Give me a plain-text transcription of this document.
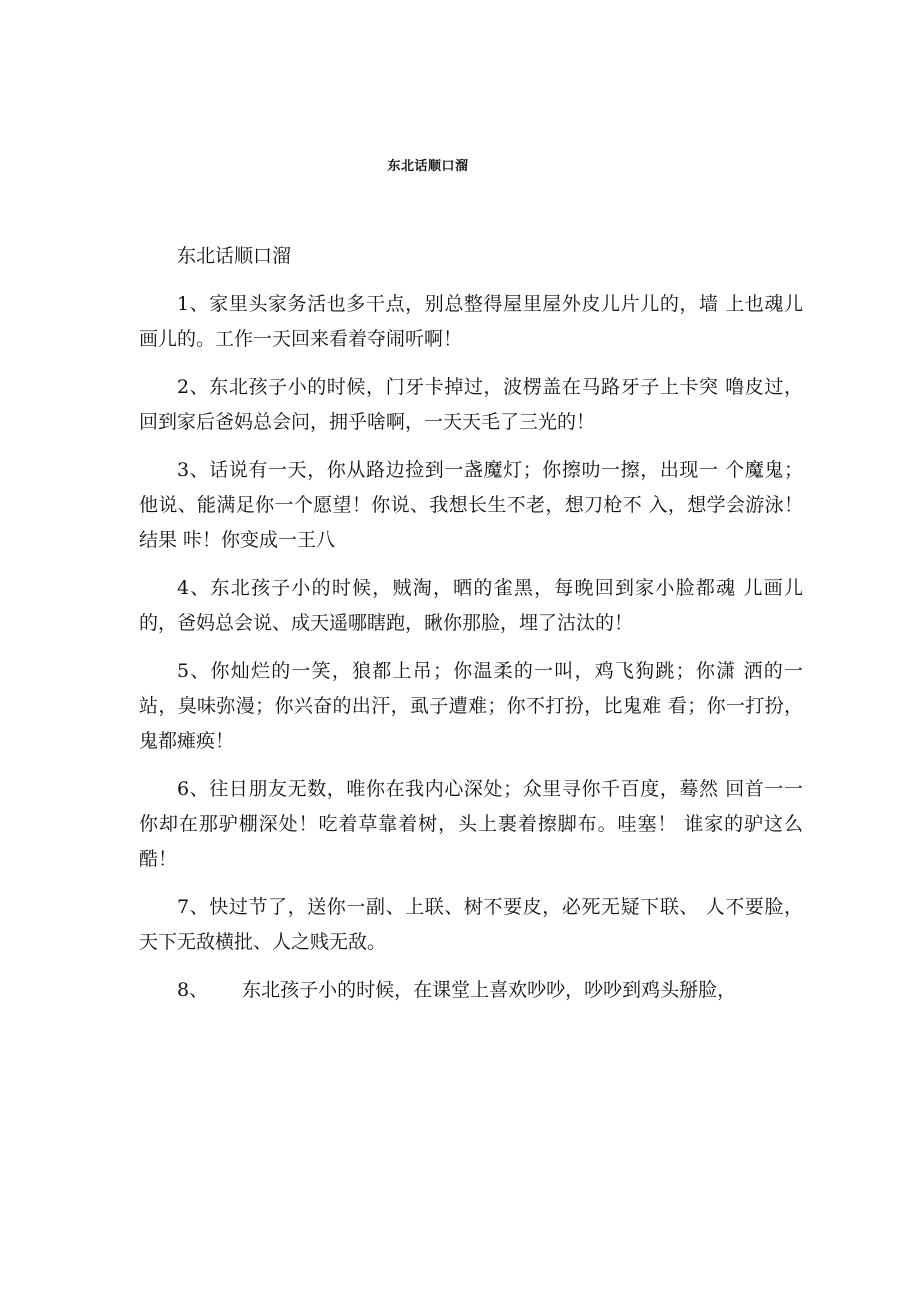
东北话顺口溜

东北话顺口溜

1、家里头家务活也多干点，别总整得屋里屋外皮儿片儿的，墙 上也魂儿画儿的。工作一天回来看着夺闹听啊！

2、东北孩子小的时候，门牙卡掉过，波楞盖在马路牙子上卡突 噜皮过，回到家后爸妈总会问，拥乎啥啊，一天天毛了三光的！

3、话说有一天，你从路边捡到一盏魔灯；你擦叻一擦，出现一 个魔鬼；他说、能满足你一个愿望！你说、我想长生不老，想刀枪不 入，想学会游泳！结果 咔！你变成一王八

4、东北孩子小的时候，贼淘，晒的雀黑，每晚回到家小脸都魂 儿画儿的，爸妈总会说、成天遥哪瞎跑，瞅你那脸，埋了沽汰的！

5、你灿烂的一笑，狼都上吊；你温柔的一叫，鸡飞狗跳；你潇 洒的一站，臭味弥漫；你兴奋的出汗，虱子遭难；你不打扮，比鬼难 看；你一打扮，鬼都瘫痪！

6、往日朋友无数，唯你在我内心深处；众里寻你千百度，蓦然 回首一一你却在那驴棚深处！吃着草靠着树，头上裹着擦脚布。哇塞！ 谁家的驴这么酷！

7、快过节了，送你一副、上联、树不要皮，必死无疑下联、 人不要脸，天下无敌横批、人之贱无敌。

8、 东北孩子小的时候，在课堂上喜欢吵吵，吵吵到鸡头掰脸，
